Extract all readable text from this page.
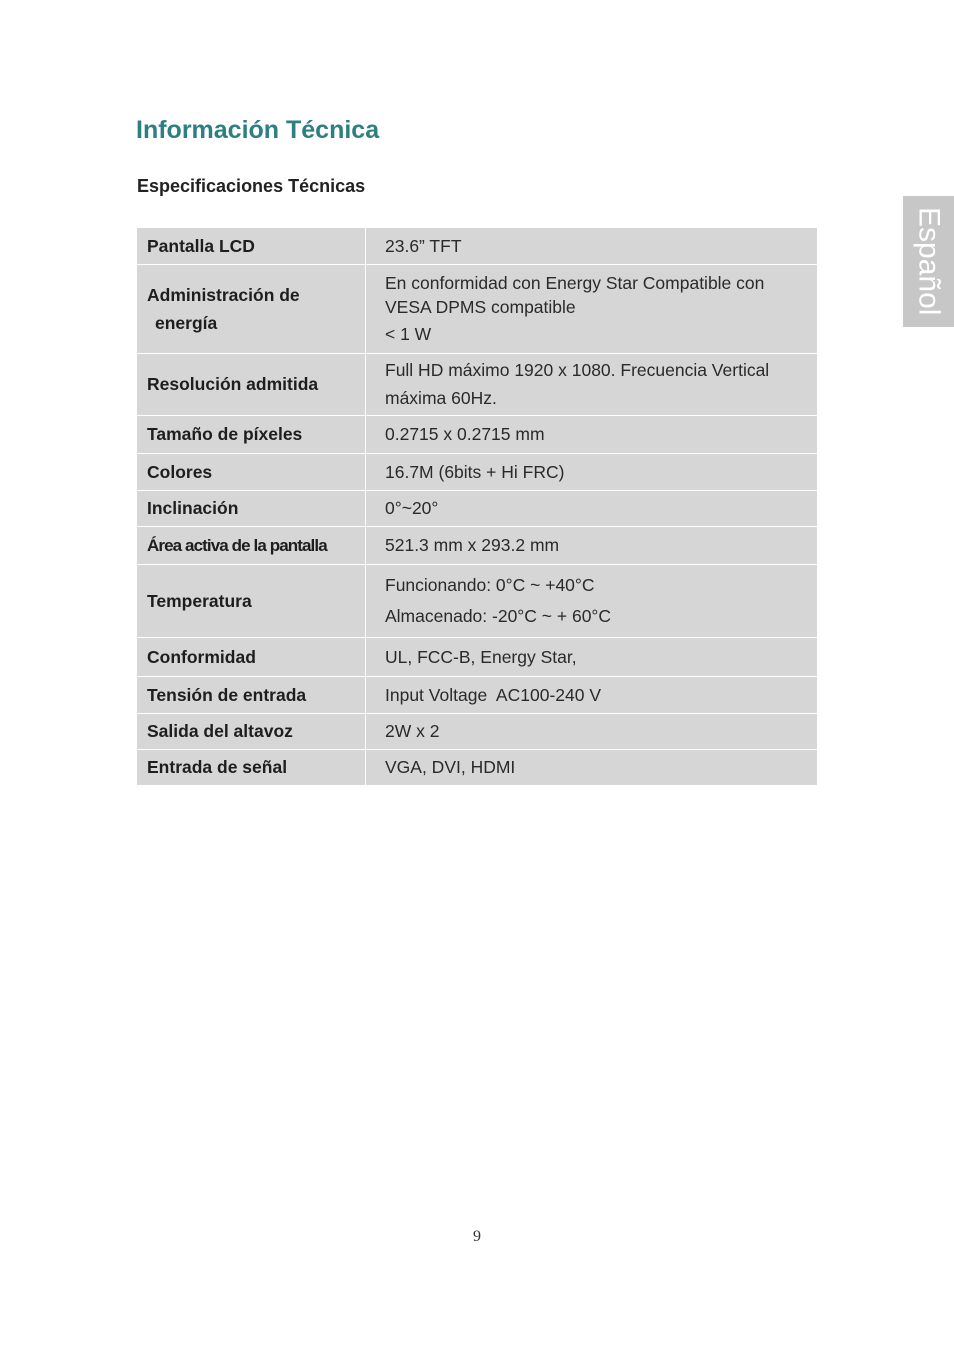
Información Técnica
Especificaciones Técnicas
Pantalla LCD	23.6” TFT

Administración de
energía	En conformidad con Energy Star Compatible con
VESA DPMS compatible
< 1 W

Resolución admitida	Full HD máximo 1920 x 1080. Frecuencia Vertical
máxima 60Hz.

Tamaño de píxeles	0.2715 x 0.2715 mm

Colores	16.7M (6bits + Hi FRC)

Inclinación	0°~20°

Área activa de la pantalla	521.3 mm x 293.2 mm

Temperatura	Funcionando: 0°C ~ +40°C
Almacenado: -20°C ~ + 60°C

Conformidad	UL, FCC-B, Energy Star,

Tensión de entrada	Input Voltage  AC100-240 V

Salida del altavoz	2W x 2

Entrada de señal	VGA, DVI, HDMI
Español
9
